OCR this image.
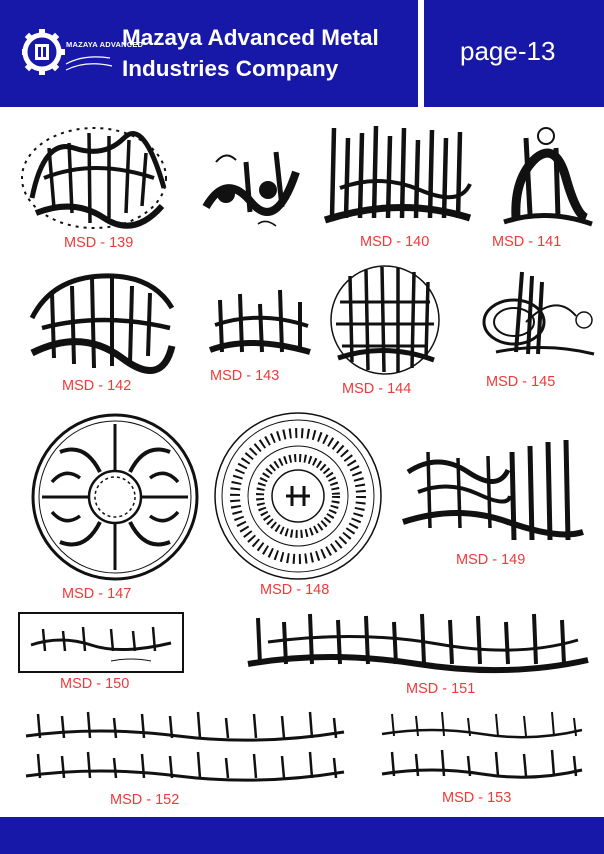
MAZAYA ADVANCED
Mazaya Advanced Metal
Industries Company
page-13
MSD - 139	MSD - 140	MSD - 141
MSD - 142
MSD - 143
MSD - 144	MSD - 145
MSD - 147	MSD - 148
MSD - 149
MSD - 150	MSD - 151
MSD - 152	MSD - 153
